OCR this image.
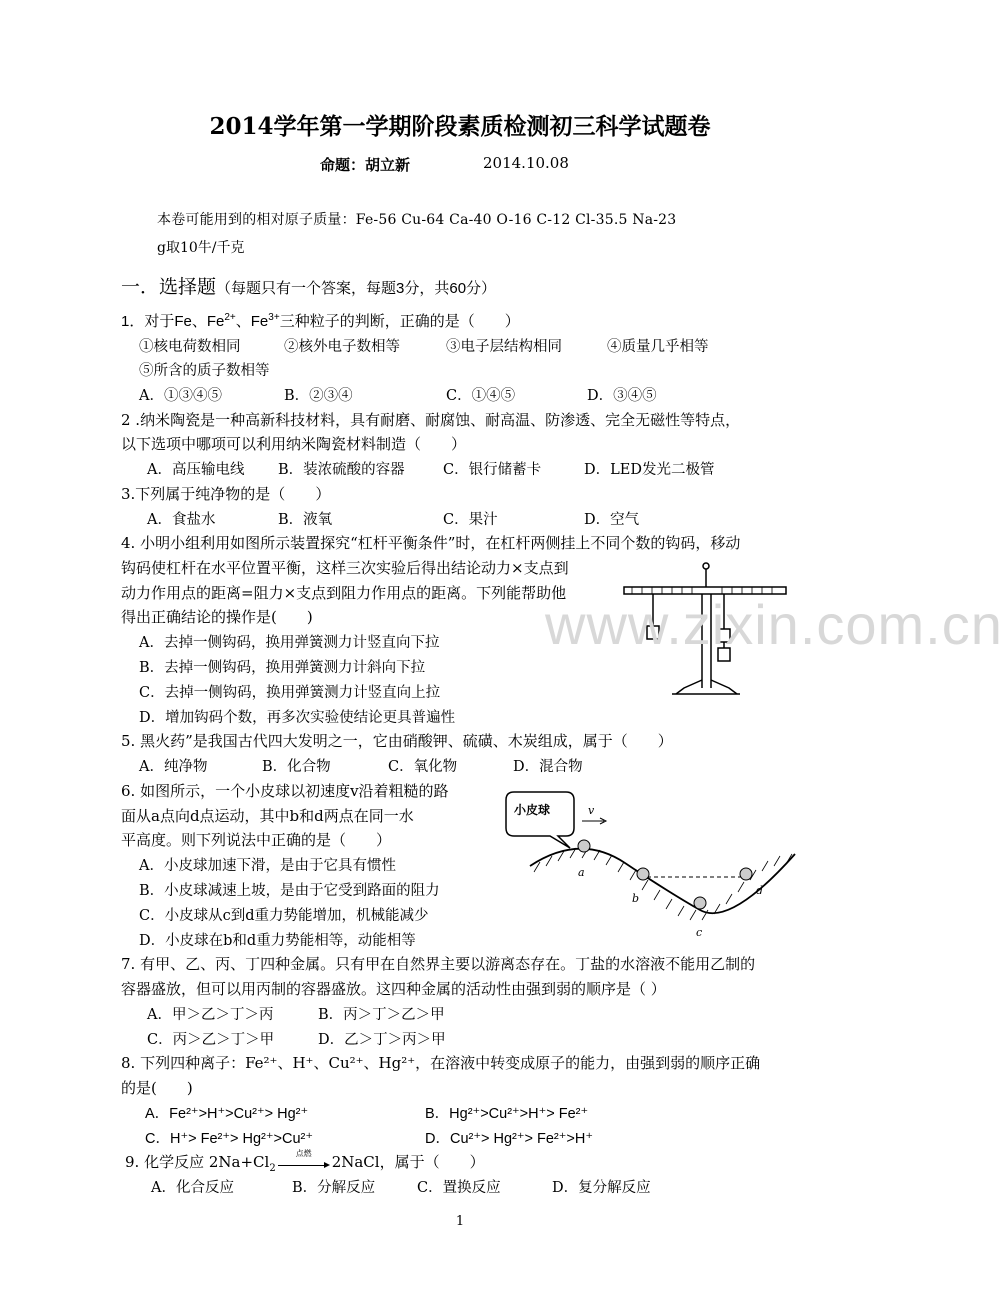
2014学年第一学期阶段素质检测初三科学试题卷
命题：胡立新	2014.10.08
本卷可能用到的相对原子质量：Fe-56 Cu-64 Ca-40 O-16 C-12 Cl-35.5 Na-23
g取10牛/千克
一．选择题（每题只有一个答案，每题3分，共60分）
1．对于Fe、$Fe^{2+}$、$Fe^{3+}$三种粒子的判断，正确的是（　　）
①核电荷数相同	②核外电子数相等	③电子层结构相同	④质量几乎相等
⑤所含的质子数相等
A．①③④⑤	B．②③④	C．①④⑤	D．③④⑤
2 .纳米陶瓷是一种高新科技材料，具有耐磨、耐腐蚀、耐高温、防渗透、完全无磁性等特点，
以下选项中哪项可以利用纳米陶瓷材料制造（　　）
A．高压输电线 B．装浓硫酸的容器	C．银行储蓄卡	D．LED发光二极管
3.下列属于纯净物的是（　　）
A．食盐水	B．液氧	C．果汁	D．空气
4. 小明小组利用如图所示装置探究“杠杆平衡条件”时，在杠杆两侧挂上不同个数的钩码，移动
钩码使杠杆在水平位置平衡，这样三次实验后得出结论动力×支点到
动力作用点的距离=阻力×支点到阻力作用点的距离。下列能帮助他
得出正确结论的操作是(　　)
A．去掉一侧钩码，换用弹簧测力计竖直向下拉
B．去掉一侧钩码，换用弹簧测力计斜向下拉
C．去掉一侧钩码，换用弹簧测力计竖直向上拉
D．增加钩码个数，再多次实验使结论更具普遍性
www.zixin.com.cn
5. 黑火药”是我国古代四大发明之一，它由硝酸钾、硫磺、木炭组成，属于（　　）
A．纯净物	B．化合物	C．氧化物	D．混合物
6. 如图所示，一个小皮球以初速度v沿着粗糙的路
面从a点向d点运动，其中b和d两点在同一水
平高度。则下列说法中正确的是（　　）
A．小皮球加速下滑，是由于它具有惯性
B．小皮球减速上坡，是由于它受到路面的阻力
C．小皮球从c到d重力势能增加，机械能减少
D．小皮球在b和d重力势能相等，动能相等
小皮球	v
a
b
c
d
7. 有甲、乙、丙、丁四种金属。只有甲在自然界主要以游离态存在。丁盐的水溶液不能用乙制的
容器盛放，但可以用丙制的容器盛放。这四种金属的活动性由强到弱的顺序是（ ）
A．甲＞乙＞丁＞丙	B．丙＞丁＞乙＞甲
C．丙＞乙＞丁＞甲	D．乙＞丁＞丙＞甲
8. 下列四种离子：Fe²⁺、H⁺、Cu²⁺、Hg²⁺，在溶液中转变成原子的能力，由强到弱的顺序正确
的是(　　)
A．Fe²⁺>H⁺>Cu²⁺> Hg²⁺	B．Hg²⁺>Cu²⁺>H⁺> Fe²⁺
C．H⁺> Fe²⁺> Hg²⁺>Cu²⁺	D．Cu²⁺> Hg²⁺> Fe²⁺>H⁺
9. 化学反应 $2Na+Cl_2$
点燃	2NaCl，属于（　　）
A．化合反应	B．分解反应	C．置换反应	D．复分解反应
1
